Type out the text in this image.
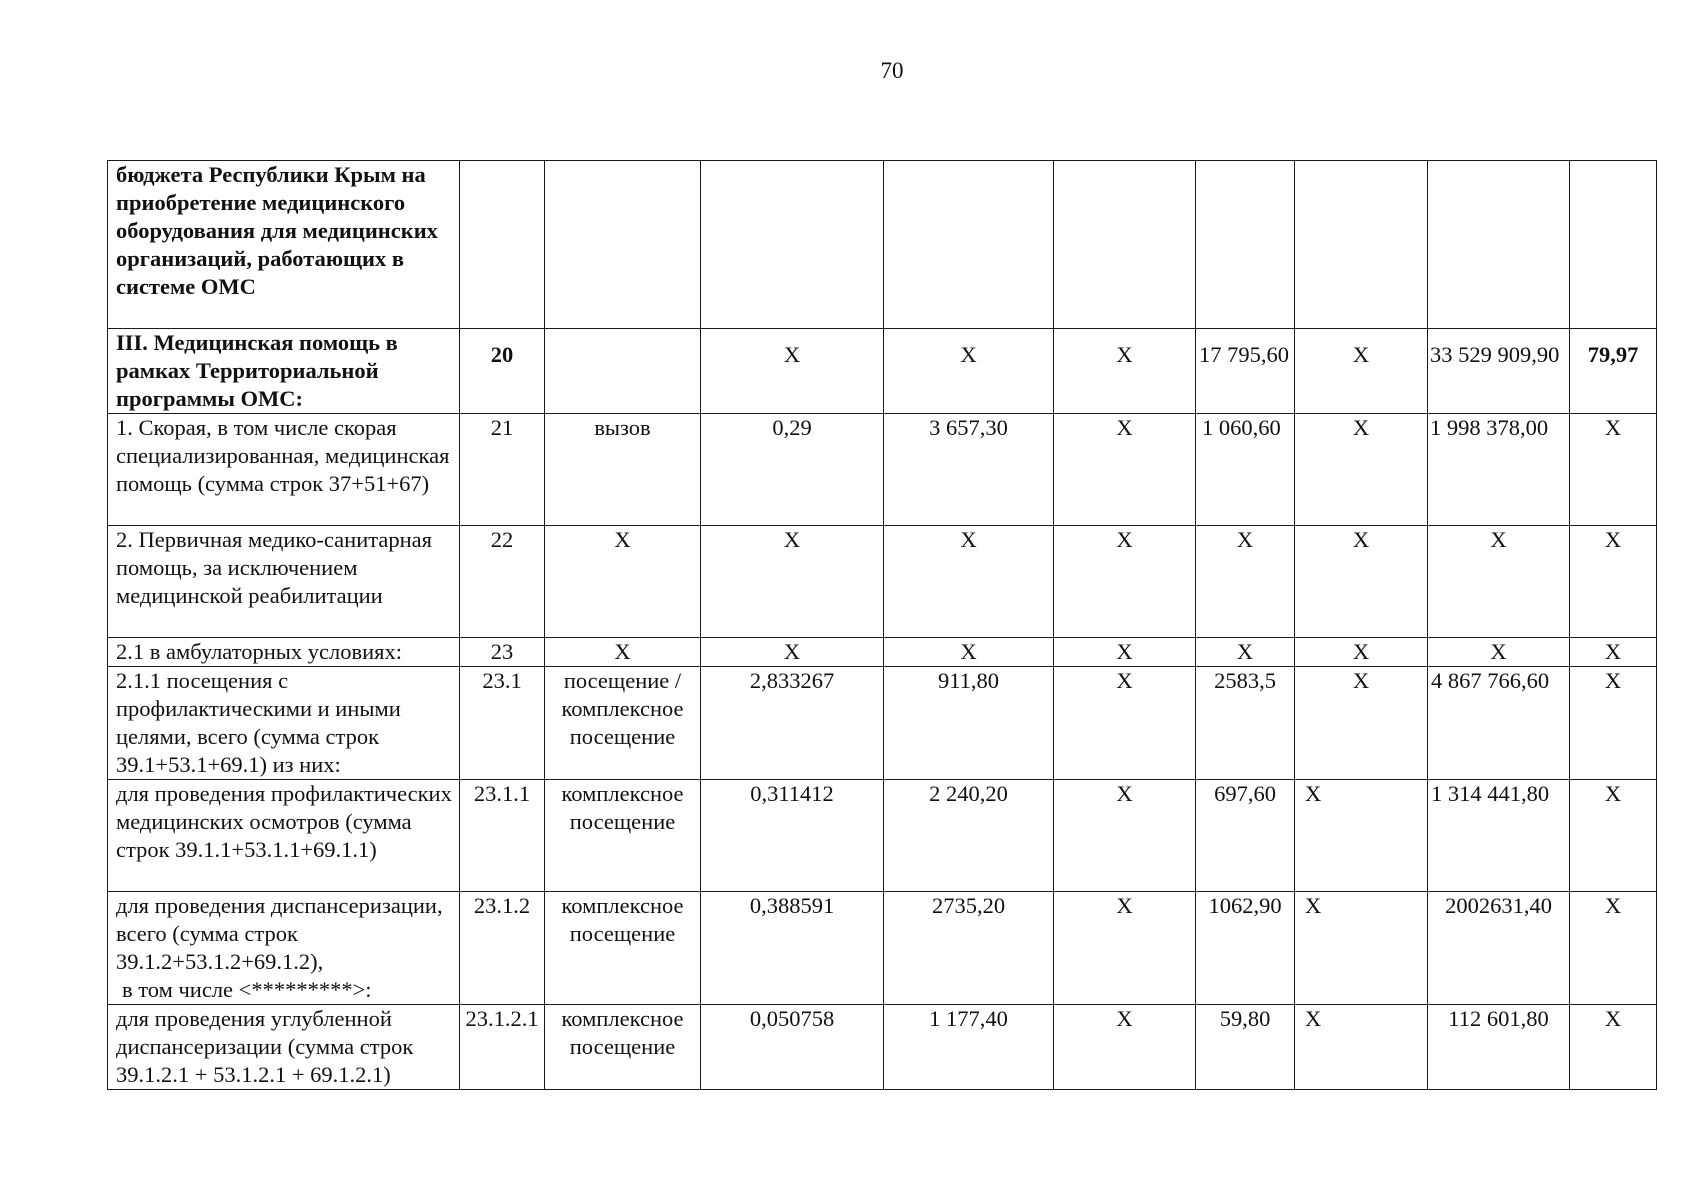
70
бюджета Республики Крым на приобретение медицинского оборудования для медицинских организаций, работающих в системе ОМС									
III. Медицинская помощь в рамках Территориальной программы ОМС:	20		X	X	X	17 795,60	X	33 529 909,90	79,97
1. Скорая, в том числе скорая специализированная, медицинская помощь (сумма строк 37+51+67)	21	вызов	0,29	3 657,30	X	1 060,60	X	1 998 378,00	X
2. Первичная медико-санитарная помощь, за исключением медицинской реабилитации	22	X	X	X	X	X	X	X	X
2.1 в амбулаторных условиях:	23	X	X	X	X	X	X	X	X
2.1.1 посещения с профилактическими и иными целями, всего (сумма строк 39.1+53.1+69.1) из них:	23.1	посещение / комплексное посещение	2,833267	911,80	X	2583,5	X	4 867 766,60	X
для проведения профилактических медицинских осмотров (сумма строк 39.1.1+53.1.1+69.1.1)	23.1.1	комплексное посещение	0,311412	2 240,20	X	697,60	X	1 314 441,80	X
для проведения диспансеризации, всего (сумма строк 39.1.2+53.1.2+69.1.2),
в том числе <*********>:	23.1.2	комплексное посещение	0,388591	2735,20	X	1062,90	X	2002631,40	X
для проведения углубленной диспансеризации (сумма строк 39.1.2.1 + 53.1.2.1 + 69.1.2.1)	23.1.2.1	комплексное посещение	0,050758	1 177,40	X	59,80	X	112 601,80	X
